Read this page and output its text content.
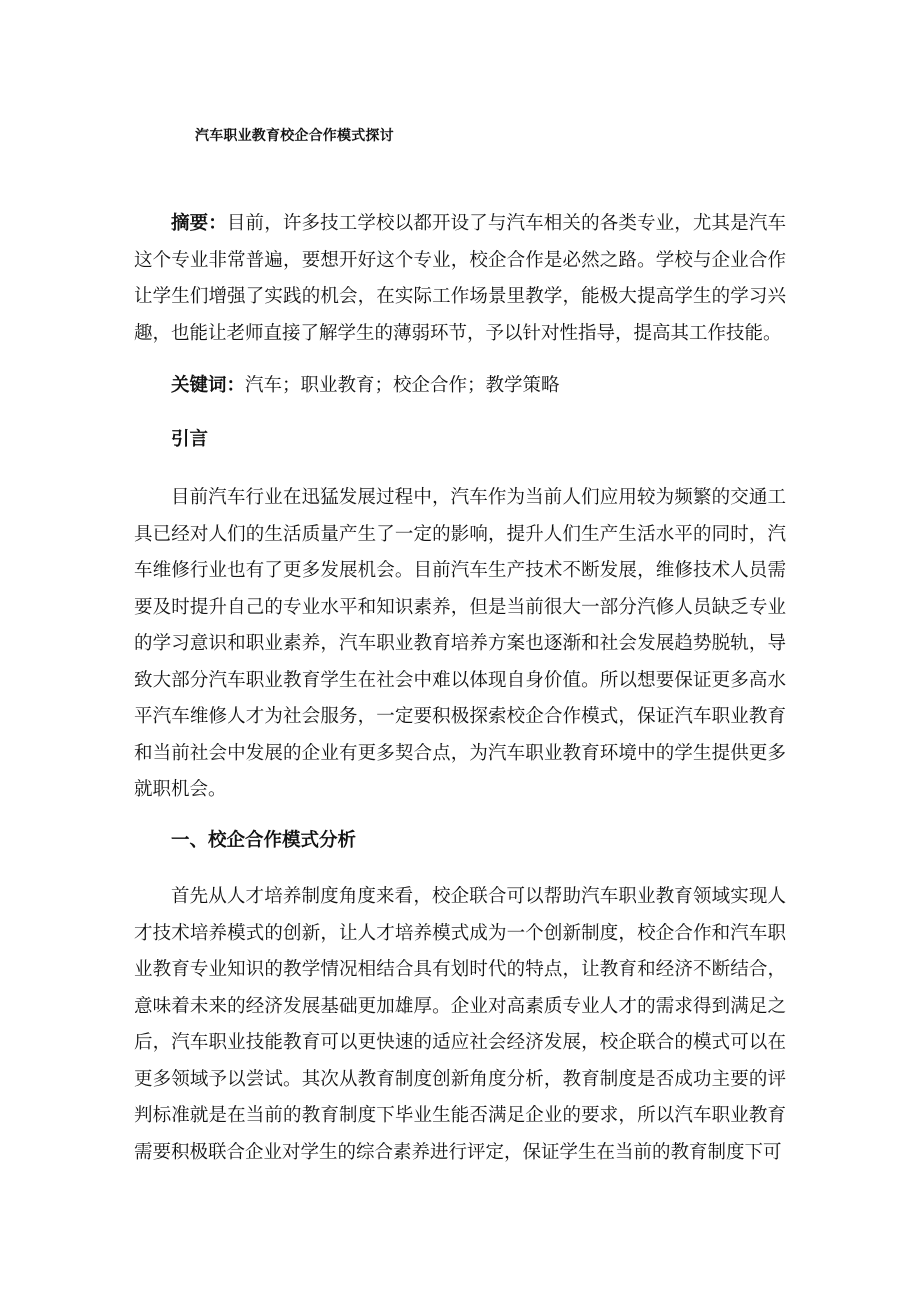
汽车职业教育校企合作模式探讨

摘要：目前，许多技工学校以都开设了与汽车相关的各类专业，尤其是汽车这个专业非常普遍，要想开好这个专业，校企合作是必然之路。学校与企业合作让学生们增强了实践的机会，在实际工作场景里教学，能极大提高学生的学习兴趣，也能让老师直接了解学生的薄弱环节，予以针对性指导，提高其工作技能。

关键词：汽车；职业教育；校企合作；教学策略

引言

目前汽车行业在迅猛发展过程中，汽车作为当前人们应用较为频繁的交通工具已经对人们的生活质量产生了一定的影响，提升人们生产生活水平的同时，汽车维修行业也有了更多发展机会。目前汽车生产技术不断发展，维修技术人员需要及时提升自己的专业水平和知识素养，但是当前很大一部分汽修人员缺乏专业的学习意识和职业素养，汽车职业教育培养方案也逐渐和社会发展趋势脱轨，导致大部分汽车职业教育学生在社会中难以体现自身价值。所以想要保证更多高水平汽车维修人才为社会服务，一定要积极探索校企合作模式，保证汽车职业教育和当前社会中发展的企业有更多契合点，为汽车职业教育环境中的学生提供更多就职机会。

一、校企合作模式分析

首先从人才培养制度角度来看，校企联合可以帮助汽车职业教育领域实现人才技术培养模式的创新，让人才培养模式成为一个创新制度，校企合作和汽车职业教育专业知识的教学情况相结合具有划时代的特点，让教育和经济不断结合，意味着未来的经济发展基础更加雄厚。企业对高素质专业人才的需求得到满足之后，汽车职业技能教育可以更快速的适应社会经济发展，校企联合的模式可以在更多领域予以尝试。其次从教育制度创新角度分析，教育制度是否成功主要的评判标准就是在当前的教育制度下毕业生能否满足企业的要求，所以汽车职业教育需要积极联合企业对学生的综合素养进行评定，保证学生在当前的教育制度下可
